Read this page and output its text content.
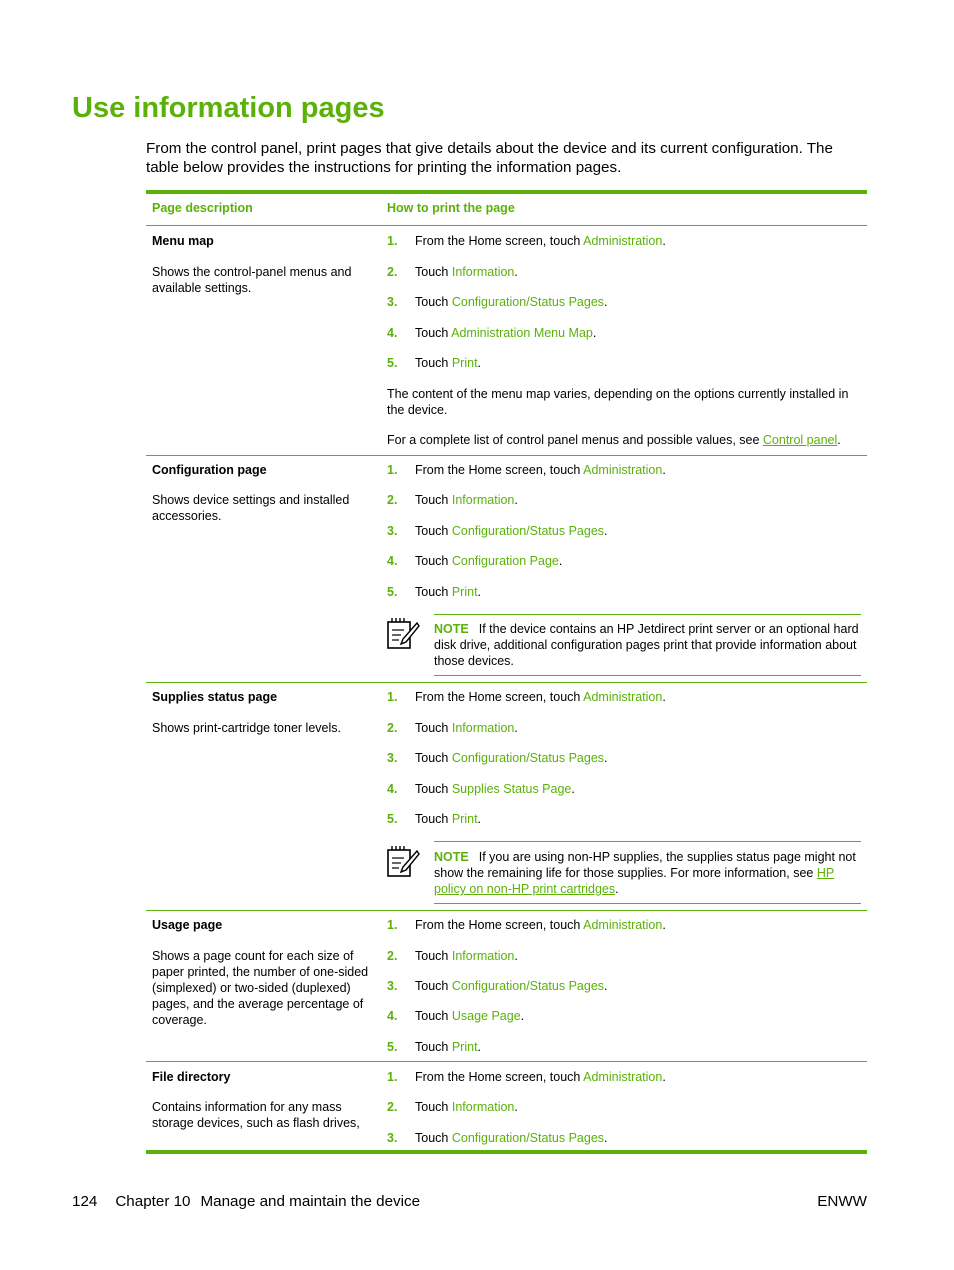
Use information pages

From the control panel, print pages that give details about the device and its current configuration. The table below provides the instructions for printing the information pages.

Page description	How to print the page
Menu map
Shows the control-panel menus and available settings.
1. From the Home screen, touch Administration.
2. Touch Information.
3. Touch Configuration/Status Pages.
4. Touch Administration Menu Map.
5. Touch Print.

The content of the menu map varies, depending on the options currently installed in the device.

For a complete list of control panel menus and possible values, see Control panel.

Configuration page
Shows device settings and installed accessories.
1. From the Home screen, touch Administration.
2. Touch Information.
3. Touch Configuration/Status Pages.
4. Touch Configuration Page.
5. Touch Print.

NOTE If the device contains an HP Jetdirect print server or an optional hard disk drive, additional configuration pages print that provide information about those devices.

Supplies status page
Shows print-cartridge toner levels.
1. From the Home screen, touch Administration.
2. Touch Information.
3. Touch Configuration/Status Pages.
4. Touch Supplies Status Page.
5. Touch Print.

NOTE If you are using non-HP supplies, the supplies status page might not show the remaining life for those supplies. For more information, see HP policy on non-HP print cartridges.

Usage page
Shows a page count for each size of paper printed, the number of one-sided (simplexed) or two-sided (duplexed) pages, and the average percentage of coverage.
1. From the Home screen, touch Administration.
2. Touch Information.
3. Touch Configuration/Status Pages.
4. Touch Usage Page.
5. Touch Print.
File directory
Contains information for any mass storage devices, such as flash drives,
1. From the Home screen, touch Administration.
2. Touch Information.
3. Touch Configuration/Status Pages.
124 Chapter 10 Manage and maintain the device	ENWW
